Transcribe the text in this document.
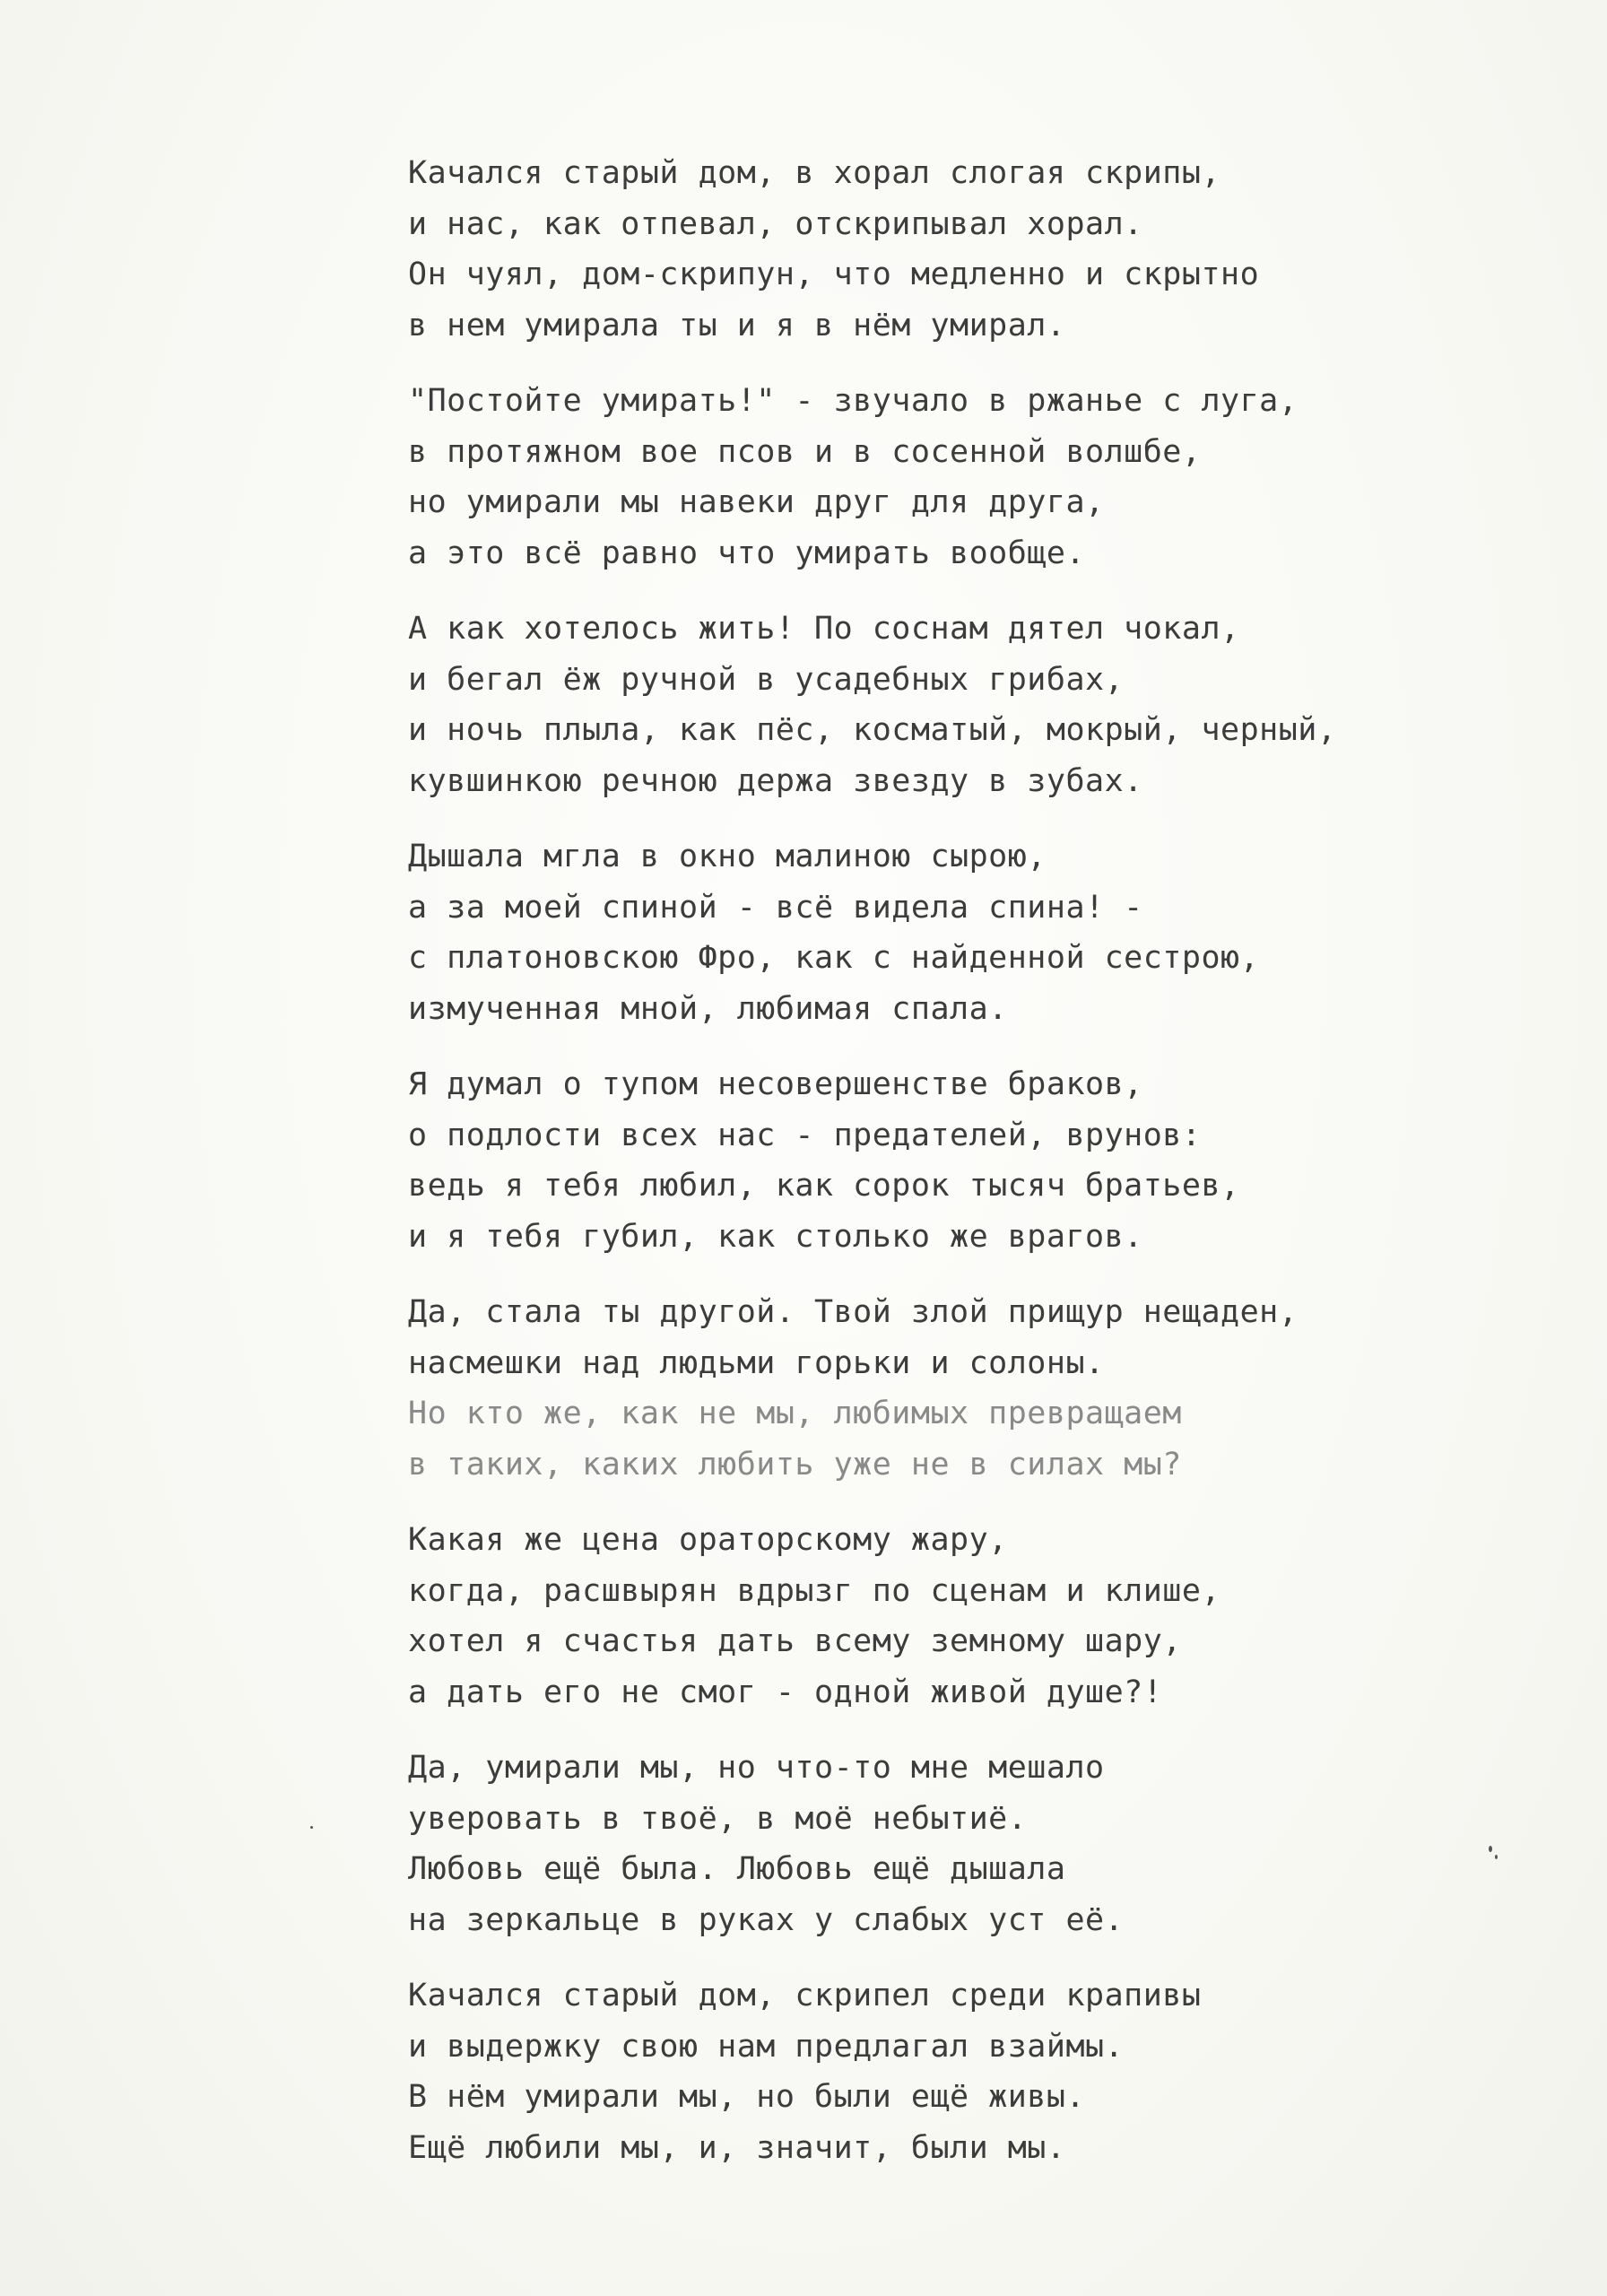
Качался старый дом, в хорал слогая скрипы,
и нас, как отпевал, отскрипывал хорал.
Он чуял, дом-скрипун, что медленно и скрытно
в нем умирала ты и я в нём умирал.
"Постойте умирать!" - звучало в ржанье с луга,
в протяжном вое псов и в сосенной волшбе,
но умирали мы навеки друг для друга,
а это всё равно что умирать вообще.
А как хотелось жить! По соснам дятел чокал,
и бегал ёж ручной в усадебных грибах,
и ночь плыла, как пёс, косматый, мокрый, черный,
кувшинкою речною держа звезду в зубах.
Дышала мгла в окно малиною сырою,
а за моей спиной - всё видела спина! -
с платоновскою Фро, как с найденной сестрою,
измученная мной, любимая спала.
Я думал о тупом несовершенстве браков,
о подлости всех нас - предателей, врунов:
ведь я тебя любил, как сорок тысяч братьев,
и я тебя губил, как столько же врагов.
Да, стала ты другой. Твой злой прищур нещаден,
насмешки над людьми горьки и солоны.
Но кто же, как не мы, любимых превращаем
в таких, каких любить уже не в силах мы?
Какая же цена ораторскому жару,
когда, расшвырян вдрызг по сценам и клише,
хотел я счастья дать всему земному шару,
а дать его не смог - одной живой душе?!
Да, умирали мы, но что-то мне мешало
уверовать в твоё, в моё небытиё.
Любовь ещё была. Любовь ещё дышала
на зеркальце в руках у слабых уст её.
Качался старый дом, скрипел среди крапивы
и выдержку свою нам предлагал взаймы.
В нём умирали мы, но были ещё живы.
Ещё любили мы, и, значит, были мы.
